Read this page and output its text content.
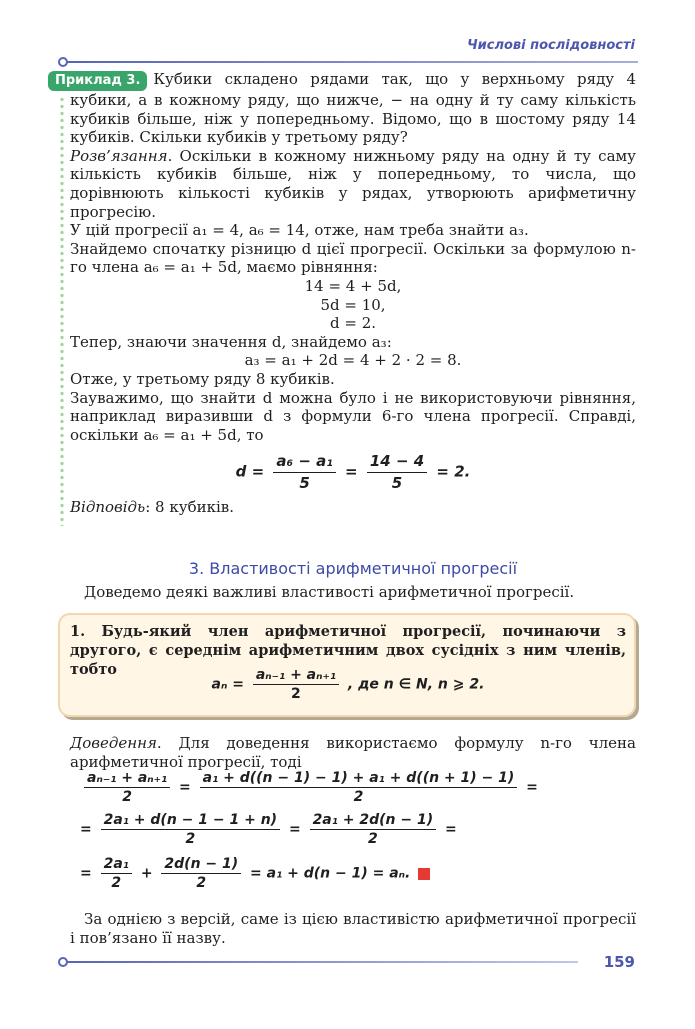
Числові послідовності

Приклад 3. Кубики складено рядами так, що у верхньому ряду 4 кубики, а в кожному ряду, що нижче, − на одну й ту саму кількість кубиків більше, ніж у попередньому. Відомо, що в шостому ряду 14 кубиків. Скільки кубиків у третьому ряду?

Розв’язання. Оскільки в кожному нижньому ряду на одну й ту саму кількість кубиків більше, ніж у попередньому, то числа, що дорівнюють кількості кубиків у рядах, утворюють арифметичну прогресію.

У цій прогресії a₁ = 4, a₆ = 14, отже, нам треба знайти a₃.

Знайдемо спочатку різницю d цієї прогресії. Оскільки за формулою n-го члена a₆ = a₁ + 5d, маємо рівняння:

14 = 4 + 5d,
5d = 10,
d = 2.

Тепер, знаючи значення d, знайдемо a₃:

a₃ = a₁ + 2d = 4 + 2 · 2 = 8.

Отже, у третьому ряду 8 кубиків.

Зауважимо, що знайти d можна було і не використовуючи рівняння, наприклад виразивши d з формули 6-го члена прогресії. Справді, оскільки a₆ = a₁ + 5d, то

$d = \frac{\text{a₆ − a₁}}{5} = \frac{14 - 4}{5} = 2$.

Відповідь: 8 кубиків.

3. Властивості арифметичної прогресії
Доведемо деякі важливі властивості арифметичної прогресії.
1. Будь-який член арифметичної прогресії, починаючи з другого, є середнім арифметичним двох сусідніх з ним членів, тобто
$a_n = \frac{\text{aₙ₋₁ + aₙ₊₁}}{2}$ , де n ∈ N, n ⩾ 2.
Доведення. Для доведення використаємо формулу n-го члена арифметичної прогресії, тоді
$\frac{\text{aₙ₋₁ + aₙ₊₁}}{2} = \frac{\text{a₁ + d((n − 1) − 1) + a₁ + d((n + 1) − 1)}}{2}$ =
= $\frac{\text{2a₁ + d(n − 1 − 1 + n)}}{2} = \frac{\text{2a₁ + 2d(n − 1)}}{2}$ =
= $\frac{\text{2a₁}}{2} + \frac{2d(n - 1)}{2} = a_1 + d(n - 1) = a_n$.
За однією з версій, саме із цією властивістю арифметичної прогресії і пов’язано її назву.
159
